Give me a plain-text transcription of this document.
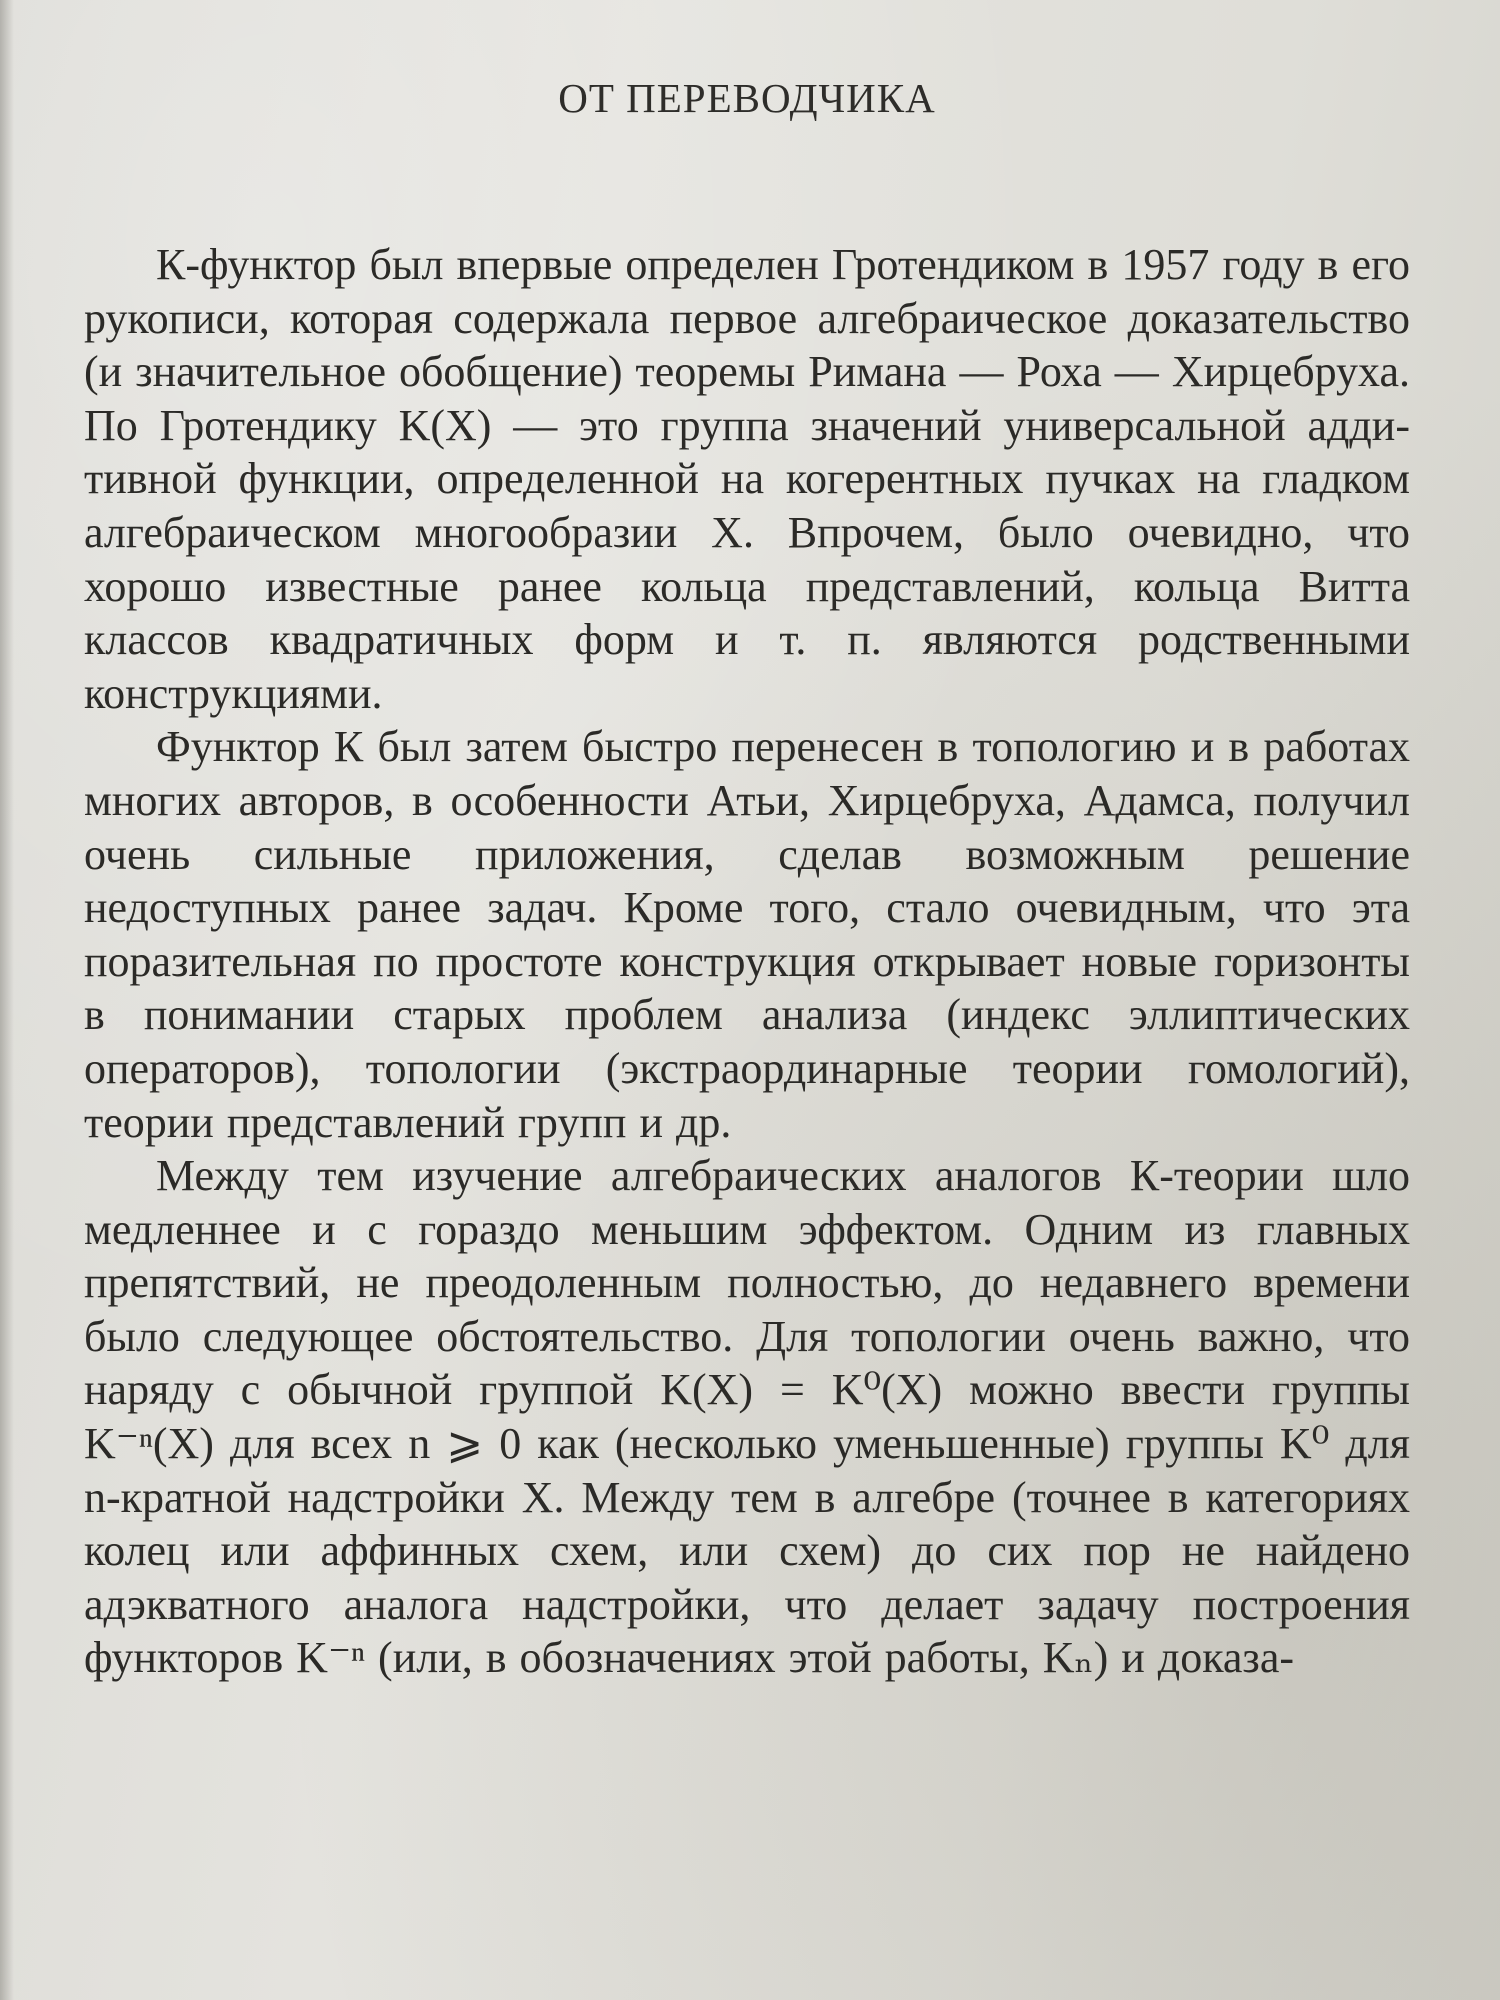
ОТ ПЕРЕВОДЧИКА

К-функтор был впервые определен Гротендиком в 1957 году в его рукописи, которая содержала первое алгебраическое доказательство (и значительное обобщение) теоремы Римана — Роха — Хирцебруха. По Гротендику K(X) — это группа значений универсальной аддитивной функции, определенной на когерентных пучках на гладком алгебраическом многообразии X. Впрочем, было очевидно, что хорошо известные ранее кольца представлений, кольца Витта классов квадратичных форм и т. п. являются родственными конструкциями.

Функтор К был затем быстро перенесен в топологию и в работах многих авторов, в особенности Атьи, Хирцебруха, Адамса, получил очень сильные приложения, сделав возможным решение недоступных ранее задач. Кроме того, стало очевидным, что эта поразительная по простоте конструкция открывает новые горизонты в понимании старых проблем анализа (индекс эллиптических операторов), топологии (экстраординарные теории гомологий), теории представлений групп и др.

Между тем изучение алгебраических аналогов К-теории шло медленнее и с гораздо меньшим эффектом. Одним из главных препятствий, не преодоленным полностью, до недавнего времени было следующее обстоятельство. Для топологии очень важно, что наряду с обычной группой K(X) = K⁰(X) можно ввести группы K⁻ⁿ(X) для всех n ⩾ 0 как (несколько уменьшенные) группы K⁰ для n-кратной надстройки X. Между тем в алгебре (точнее в категориях колец или аффинных схем, или схем) до сих пор не найдено адэкватного аналога надстройки, что делает задачу построения функторов K⁻ⁿ (или, в обозначениях этой работы, Kₙ) и доказа-
